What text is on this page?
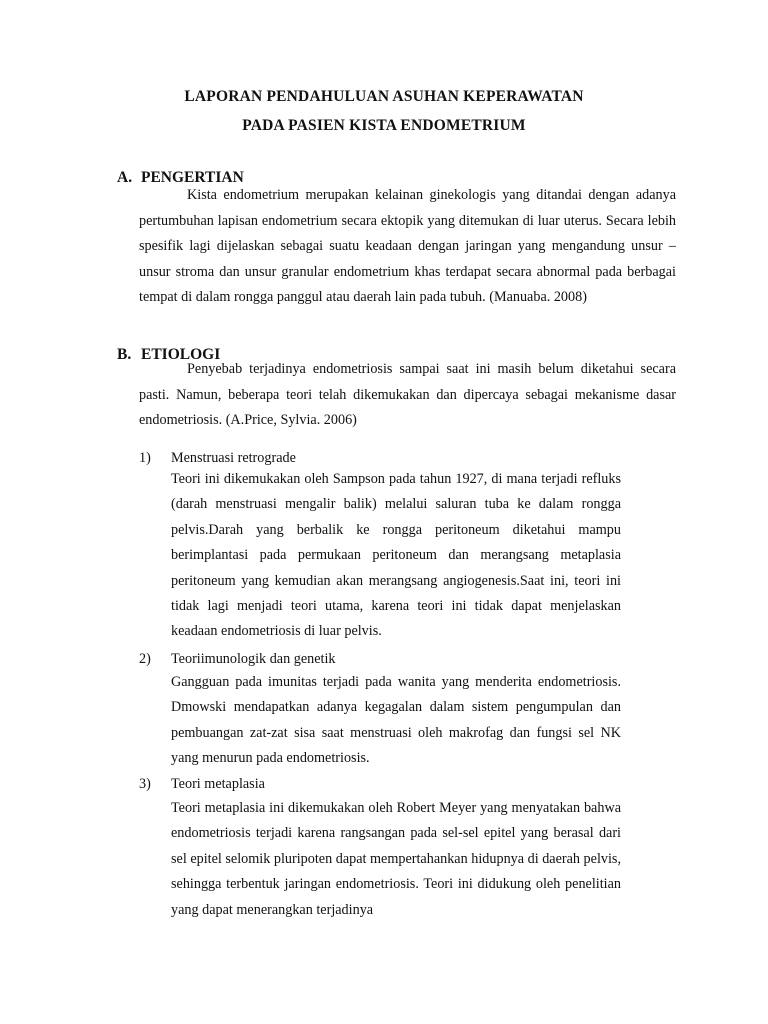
LAPORAN PENDAHULUAN ASUHAN KEPERAWATAN
PADA PASIEN KISTA ENDOMETRIUM
A. PENGERTIAN

Kista endometrium merupakan kelainan ginekologis yang ditandai dengan adanya pertumbuhan lapisan endometrium secara ektopik yang ditemukan di luar uterus. Secara lebih spesifik lagi dijelaskan sebagai suatu keadaan dengan jaringan yang mengandung unsur – unsur stroma dan unsur granular endometrium khas terdapat secara abnormal pada berbagai tempat di dalam rongga panggul atau daerah lain pada tubuh. (Manuaba. 2008)

B. ETIOLOGI

Penyebab terjadinya endometriosis sampai saat ini masih belum diketahui secara pasti. Namun, beberapa teori telah dikemukakan dan dipercaya sebagai mekanisme dasar endometriosis. (A.Price, Sylvia. 2006)

1) Menstruasi retrograde

Teori ini dikemukakan oleh Sampson pada tahun 1927, di mana terjadi refluks (darah menstruasi mengalir balik) melalui saluran tuba ke dalam rongga pelvis.Darah yang berbalik ke rongga peritoneum diketahui mampu berimplantasi pada permukaan peritoneum dan merangsang metaplasia peritoneum yang kemudian akan merangsang angiogenesis.Saat ini, teori ini tidak lagi menjadi teori utama, karena teori ini tidak dapat menjelaskan keadaan endometriosis di luar pelvis.

2) Teoriimunologik dan genetik

Gangguan pada imunitas terjadi pada wanita yang menderita endometriosis. Dmowski mendapatkan adanya kegagalan dalam sistem pengumpulan dan pembuangan zat-zat sisa saat menstruasi oleh makrofag dan fungsi sel NK yang menurun pada endometriosis.

3) Teori metaplasia

Teori metaplasia ini dikemukakan oleh Robert Meyer yang menyatakan bahwa endometriosis terjadi karena rangsangan pada sel-sel epitel yang berasal dari sel epitel selomik pluripoten dapat mempertahankan hidupnya di daerah pelvis, sehingga terbentuk jaringan endometriosis. Teori ini didukung oleh penelitian yang dapat menerangkan terjadinya
